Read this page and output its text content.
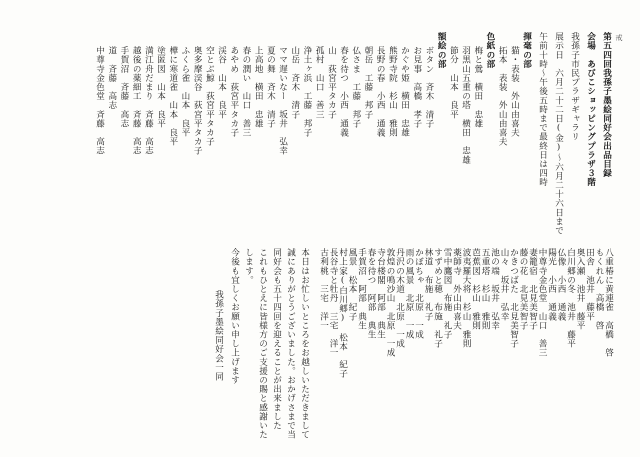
戒
第五四回我孫子墨絵同好会出品目録
会場　あびこショッピングプラザ３階
我孫子市民プラザギャラリ
展示日　六月二十二日(金)～六月二十六日まで
午前十時～午後五時まで最終日は四時
揮毫の部
猫・表装　外山由喜夫
拓本　表装　外山由喜夫
色紙の部
梅と鶯　横田　忠雄
羽黒山五重の塔　横田　忠雄
節分　山本　良平
額絵の部
ボタン　斉木　清子
お見事　高橋　孝子
かぐや姫　横田　忠雄
熊野寺院　杉山　雅則
長野の春　小西　通義
朝岳　工藤　邦子
仏さま　工藤　邦子
春を待つ　小西　通義
山　荻宮平タカ子
孤村　山口　善三
浄土ヶ浜　工藤　邦子
山岳　斉木　清子
ママ遅いなー　坂井　弘幸
夏の舞　斉木　清子
上高地　横田　忠雄
春の潤い　山口　善三
あやめ　荻宮平タカ子
渓谷　山本　良平
空とぶ鯨　荻宮平タカ子
奥多摩渓谷　荻宮平タカ子
ふくら雀　山本　良平
樺に寒道雀　山本　良平
塗匿図　山本　良平
満江舟だまり　斉藤　高志
越後の薬細工　斉藤　高志
手賀沼　斉藤　高志
道　斉藤　高志
中尊寺金色堂　斉藤　高志
八重椿に黄連雀　高橋　啓
もくれん　高橋　啓
田舎　池井　藤平
奥入瀬　池井　藤平
白川郷の冬　池井　藤平
仏像　小西　通義
陽光　小西　通義
中尊寺金色堂　山口　善三
妻籠宿　北見美智子
藤の花　北見美智子
かきつばた　北見美智子
山々　坂井　弘幸
池の端　坂井　弘幸
五重塔　杉山　雅則
芭蕉図　杉山　雅則
波夷羅大将　杉山　雅則
薬師寺　外山由喜夫
雪中鷹図　布施　礼子
すずめと穂　布施　礼子
林道　布施　礼子
かぼちゃ　北原　一成
雨の風景　北原　一成
丹沢の木道　北原　一成
敦煌の鳴沙山　北原　一成
寺台楼閣　阿部　典生
春を待つ　阿部　典生
手賀沼　阿部　典生
風景　松本　紀子
村上家(白川郷)　松本　紀子
長谷寺と牡丹　三宅　洋一
古利桃　三宅　洋一
本日はお忙しいところをお越しいただきまして
誠にありがとうございました。おかげさまで当
同好会も五十四回を迎えることが出来ました
これもひとえに皆様方のご支援の賜と感謝いた
します。
今後も宜しくお願い申し上げます
我孫子墨絵同好会一同
